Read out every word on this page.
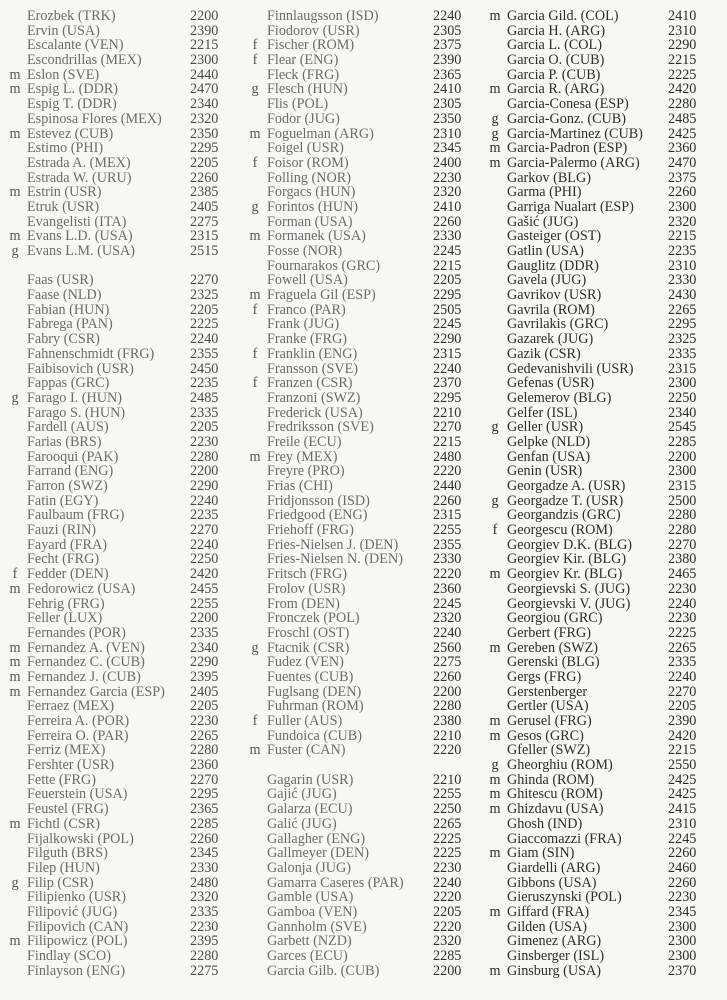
Erozbek (TRK)	2200
Ervin (USA)	2390
Escalante (VEN)	2215
Escondrillas (MEX)	2300
m Eslon (SVE)	2440
m Espig L. (DDR)	2470
Espig T. (DDR)	2340
Espinosa Flores (MEX) 2320
m Estevez (CUB)	2350
Estimo (PHI)	2295
Estrada A. (MEX)	2205
Estrada W. (URU)	2260
m Estrin (USR)	2385
Etruk (USR)	2405
Evangelisti (ITA)	2275
m Evans L.D. (USA)	2315
g Evans L.M. (USA)	2515
Faas (USR)	2270
Faase (NLD)	2325
Fabian (HUN)	2205
Fabrega (PAN)	2225
Fabry (CSR)	2240
Fahnenschmidt (FRG)	2355
Faibisovich (USR)	2450
Fappas (GRC)	2235
g Farago I. (HUN)	2485
Farago S. (HUN)	2335
Fardell (AUS)	2205
Farias (BRS)	2230
Farooqui (PAK)	2280
Farrand (ENG)	2200
Farron (SWZ)	2290
Fatin (EGY)	2240
Faulbaum (FRG)	2235
Fauzi (RIN)	2270
Fayard (FRA)	2240
Fecht (FRG)	2250
f Fedder (DEN)	2420
m Fedorowicz (USA)	2455
Fehrig (FRG)	2255
Feller (LUX)	2200
Fernandes (POR)	2335
m Fernandez A. (VEN)	2340
m Fernandez C. (CUB)	2290
m Fernandez J. (CUB)	2395
m Fernandez Garcia (ESP) 2405
Ferraez (MEX)	2205
Ferreira A. (POR)	2230
Ferreira O. (PAR)	2265
Ferriz (MEX)	2280
Fershter (USR)	2360
Fette (FRG)	2270
Feuerstein (USA)	2295
Feustel (FRG)	2365
m Fichtl (CSR)	2285
Fijalkowski (POL)	2260
Filguth (BRS)	2345
Filep (HUN)	2330
g Filip (CSR)	2480
Filipienko (USR)	2320
Filipović (JUG)	2335
Filipovich (CAN)	2230
m Filipowicz (POL)	2395
Findlay (SCO)	2280
Finlayson (ENG)	2275
Finnlaugsson (ISD)	2240
Fiodorov (USR)	2305
f Fischer (ROM)	2375
f Flear (ENG)	2390
Fleck (FRG)	2365
g Flesch (HUN)	2410
Flis (POL)	2305
Fodor (JUG)	2350
m Foguelman (ARG)	2310
Foigel (USR)	2345
f Foisor (ROM)	2400
Folling (NOR)	2230
Forgacs (HUN)	2320
g Forintos (HUN)	2410
Forman (USA)	2260
m Formanek (USA)	2330
Fosse (NOR)	2245
Fournarakos (GRC)	2215
Fowell (USA)	2205
m Fraguela Gil (ESP)	2295
f Franco (PAR)	2505
Frank (JUG)	2245
Franke (FRG)	2290
f Franklin (ENG)	2315
Fransson (SVE)	2240
f Franzen (CSR)	2370
Franzoni (SWZ)	2295
Frederick (USA)	2210
Fredriksson (SVE)	2270
Freile (ECU)	2215
m Frey (MEX)	2480
Freyre (PRO)	2220
Frias (CHI)	2440
Fridjonsson (ISD)	2260
Friedgood (ENG)	2315
Friehoff (FRG)	2255
Fries-Nielsen J. (DEN) 2355
Fries-Nielsen N. (DEN) 2330
Fritsch (FRG)	2220
Frolov (USR)	2360
From (DEN)	2245
Fronczek (POL)	2320
Froschl (OST)	2240
g Ftacnik (CSR)	2560
Fudez (VEN)	2275
Fuentes (CUB)	2260
Fuglsang (DEN)	2200
Fuhrman (ROM)	2280
f Fuller (AUS)	2380
Fundoica (CUB)	2210
m Fuster (CAN)	2220
Gagarin (USR)	2210
Gajić (JUG)	2255
Galarza (ECU)	2250
Galić (JUG)	2265
Gallagher (ENG)	2225
Gallmeyer (DEN)	2225
Galonja (JUG)	2230
Gamarra Caseres (PAR) 2240
Gamble (USA)	2220
Gamboa (VEN)	2205
Gannholm (SVE)	2220
Garbett (NZD)	2320
Garces (ECU)	2285
Garcia Gilb. (CUB)	2200
m Garcia Gild. (COL)	2410
Garcia H. (ARG)	2310
Garcia L. (COL)	2290
Garcia O. (CUB)	2215
Garcia P. (CUB)	2225
m Garcia R. (ARG)	2420
Garcia-Conesa (ESP)	2280
g Garcia-Gonz. (CUB)	2485
g Garcia-Martinez (CUB) 2425
m Garcia-Padron (ESP)	2360
m Garcia-Palermo (ARG) 2470
Garkov (BLG)	2375
Garma (PHI)	2260
Garriga Nualart (ESP) 2300
Gašić (JUG)	2320
Gasteiger (OST)	2215
Gatlin (USA)	2235
Gauglitz (DDR)	2310
Gavela (JUG)	2330
Gavrikov (USR)	2430
Gavrila (ROM)	2265
Gavrilakis (GRC)	2295
Gazarek (JUG)	2325
Gazik (CSR)	2335
Gedevanishvili (USR) 2315
Gefenas (USR)	2300
Gelemerov (BLG)	2250
Gelfer (ISL)	2340
g Geller (USR)	2545
Gelpke (NLD)	2285
Genfan (USA)	2200
Genin (USR)	2300
Georgadze A. (USR)	2315
g Georgadze T. (USR)	2500
Georgandzis (GRC)	2280
f Georgescu (ROM)	2280
Georgiev D.K. (BLG)	2270
Georgiev Kir. (BLG)	2380
m Georgiev Kr. (BLG)	2465
Georgievski S. (JUG)	2230
Georgievski V. (JUG)	2240
Georgiou (GRC)	2230
Gerbert (FRG)	2225
m Gereben (SWZ)	2265
Gerenski (BLG)	2335
Gergs (FRG)	2240
Gerstenberger	2270
Gertler (USA)	2205
m Gerusel (FRG)	2390
m Gesos (GRC)	2420
Gfeller (SWZ)	2215
g Gheorghiu (ROM)	2550
m Ghinda (ROM)	2425
m Ghitescu (ROM)	2425
m Ghizdavu (USA)	2415
Ghosh (IND)	2310
Giaccomazzi (FRA)	2245
m Giam (SIN)	2260
Giardelli (ARG)	2460
Gibbons (USA)	2260
Gieruszynski (POL)	2230
m Giffard (FRA)	2345
Gilden (USA)	2300
Gimenez (ARG)	2300
Ginsberger (ISL)	2300
m Ginsburg (USA)	2370
